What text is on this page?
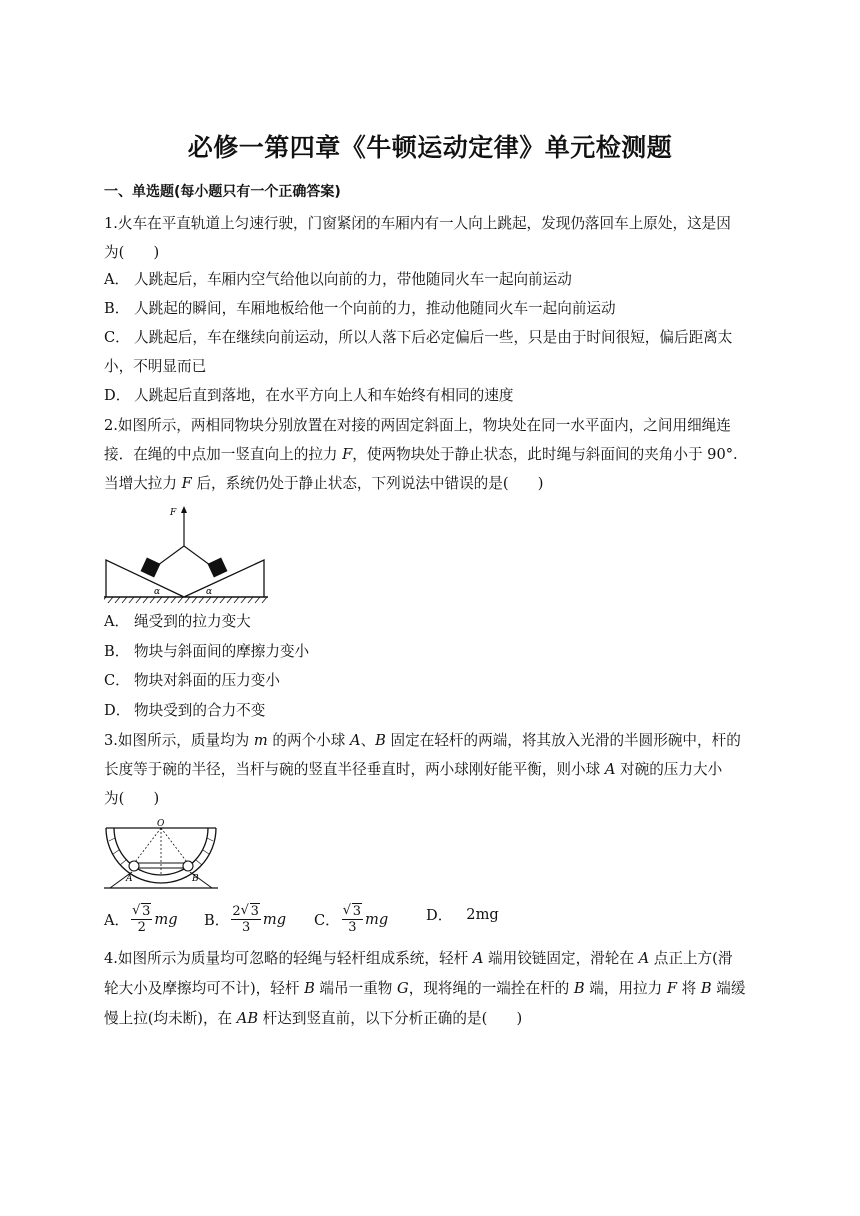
必修一第四章《牛顿运动定律》单元检测题
一、单选题(每小题只有一个正确答案)
1.火车在平直轨道上匀速行驶，门窗紧闭的车厢内有一人向上跳起，发现仍落回车上原处，这是因
为(　　)
A． 人跳起后，车厢内空气给他以向前的力，带他随同火车一起向前运动
B． 人跳起的瞬间，车厢地板给他一个向前的力，推动他随同火车一起向前运动
C． 人跳起后，车在继续向前运动，所以人落下后必定偏后一些，只是由于时间很短，偏后距离太
小，不明显而已
D． 人跳起后直到落地，在水平方向上人和车始终有相同的速度
2.如图所示，两相同物块分别放置在对接的两固定斜面上，物块处在同一水平面内，之间用细绳连
接．在绳的中点加一竖直向上的拉力 F，使两物块处于静止状态，此时绳与斜面间的夹角小于 90°.
当增大拉力 F 后，系统仍处于静止状态，下列说法中错误的是(　　)
F
α	α
A． 绳受到的拉力变大
B． 物块与斜面间的摩擦力变小
C． 物块对斜面的压力变小
D． 物块受到的合力不变
3.如图所示，质量均为 m 的两个小球 A、B 固定在轻杆的两端，将其放入光滑的半圆形碗中，杆的
长度等于碗的半径，当杆与碗的竖直半径垂直时，两小球刚好能平衡，则小球 A 对碗的压力大小
为(　　)
O
A	B
A． $\frac{√ 3}{2}$ mg B． $\frac{2 √ 3}{3}$ mg C． $\frac{√ 3}{3}$ mg	D． 2mg
4.如图所示为质量均可忽略的轻绳与轻杆组成系统，轻杆 A 端用铰链固定，滑轮在 A 点正上方(滑
轮大小及摩擦均可不计)，轻杆 B 端吊一重物 G，现将绳的一端拴在杆的 B 端，用拉力 F 将 B 端缓
慢上拉(均未断)，在 AB 杆达到竖直前，以下分析正确的是(　　)
